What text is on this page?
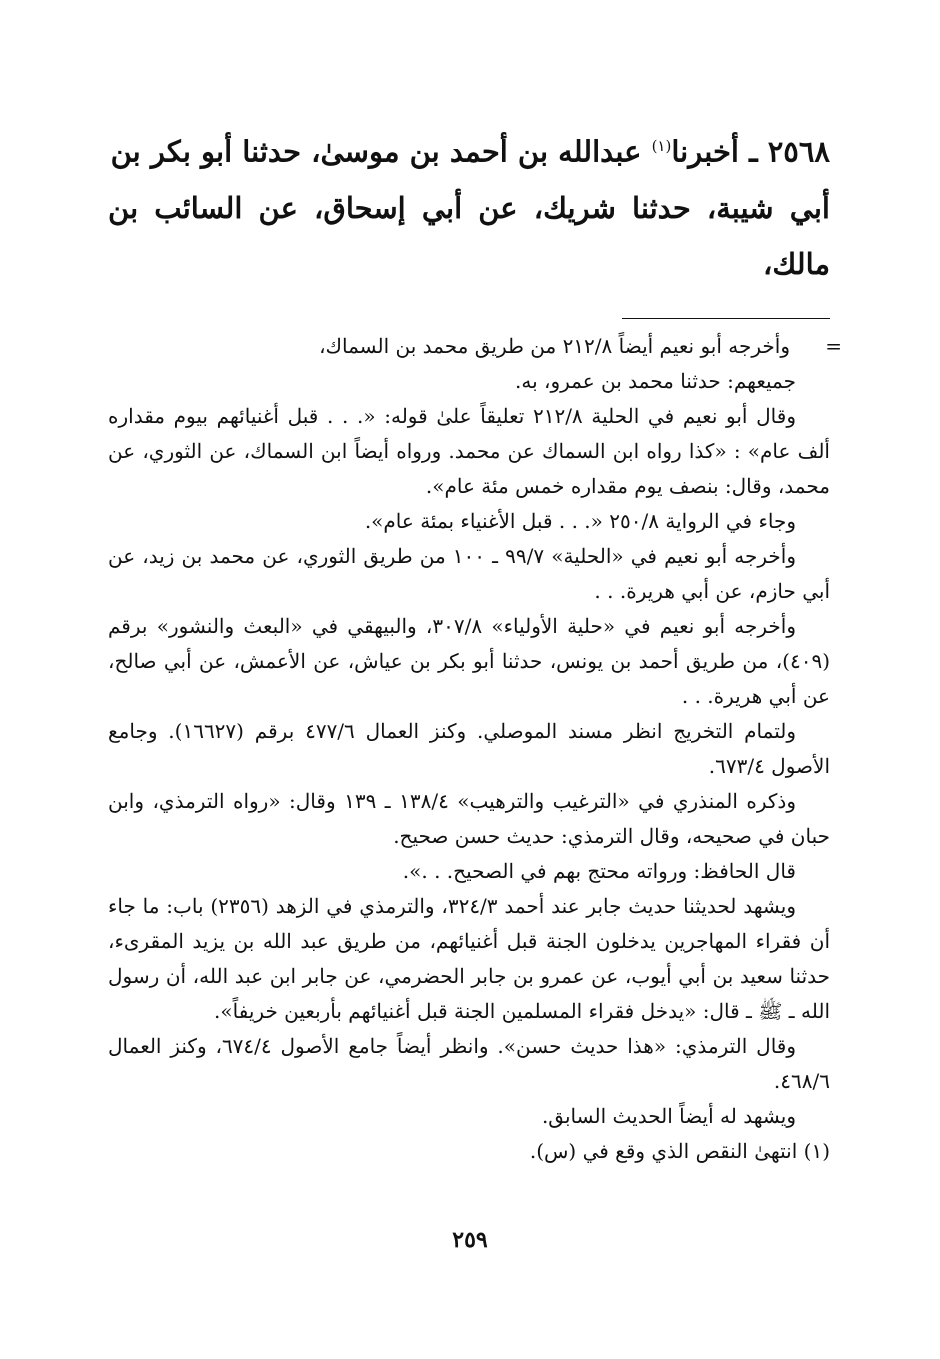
٢٥٦٨ ـ أخبرنا$^{(١)}$ عبدالله بن أحمد بن موسىٰ، حدثنا أبو بكر بن
أبي شيبة، حدثنا شريك، عن أبي إسحاق، عن السائب بن مالك،

=
وأخرجه أبو نعيم أيضاً ٢١٢/٨ من طريق محمد بن السماك،

جميعهم: حدثنا محمد بن عمرو، به.

وقال أبو نعيم في الحلية ٢١٢/٨ تعليقاً علىٰ قوله: «. . . قبل أغنيائهم بيوم مقداره ألف عام» : «كذا رواه ابن السماك عن محمد. ورواه أيضاً ابن السماك، عن الثوري، عن محمد، وقال: بنصف يوم مقداره خمس مئة عام».

وجاء في الرواية ٢٥٠/٨ «. . . قبل الأغنياء بمئة عام».

وأخرجه أبو نعيم في «الحلية» ٩٩/٧ ـ ١٠٠ من طريق الثوري، عن محمد بن زيد، عن أبي حازم، عن أبي هريرة. . .

وأخرجه أبو نعيم في «حلية الأولياء» ٣٠٧/٨، والبيهقي في «البعث والنشور» برقم (٤٠٩)، من طريق أحمد بن يونس، حدثنا أبو بكر بن عياش، عن الأعمش، عن أبي صالح، عن أبي هريرة. . .

ولتمام التخريج انظر مسند الموصلي. وكنز العمال ٤٧٧/٦ برقم (١٦٦٢٧). وجامع الأصول ٦٧٣/٤.

وذكره المنذري في «الترغيب والترهيب» ١٣٨/٤ ـ ١٣٩ وقال: «رواه الترمذي، وابن حبان في صحيحه، وقال الترمذي: حديث حسن صحيح.

قال الحافظ: ورواته محتج بهم في الصحيح. . .».

ويشهد لحديثنا حديث جابر عند أحمد ٣٢٤/٣، والترمذي في الزهد (٢٣٥٦) باب: ما جاء أن فقراء المهاجرين يدخلون الجنة قبل أغنيائهم، من طريق عبد الله بن يزيد المقرىء، حدثنا سعيد بن أبي أيوب، عن عمرو بن جابر الحضرمي، عن جابر ابن عبد الله، أن رسول الله ـ ﷺ ـ قال: «يدخل فقراء المسلمين الجنة قبل أغنيائهم بأربعين خريفاً».

وقال الترمذي: «هذا حديث حسن». وانظر أيضاً جامع الأصول ٦٧٤/٤، وكنز العمال ٤٦٨/٦.

ويشهد له أيضاً الحديث السابق.

(١) انتهىٰ النقص الذي وقع في (س).

٢٥٩
